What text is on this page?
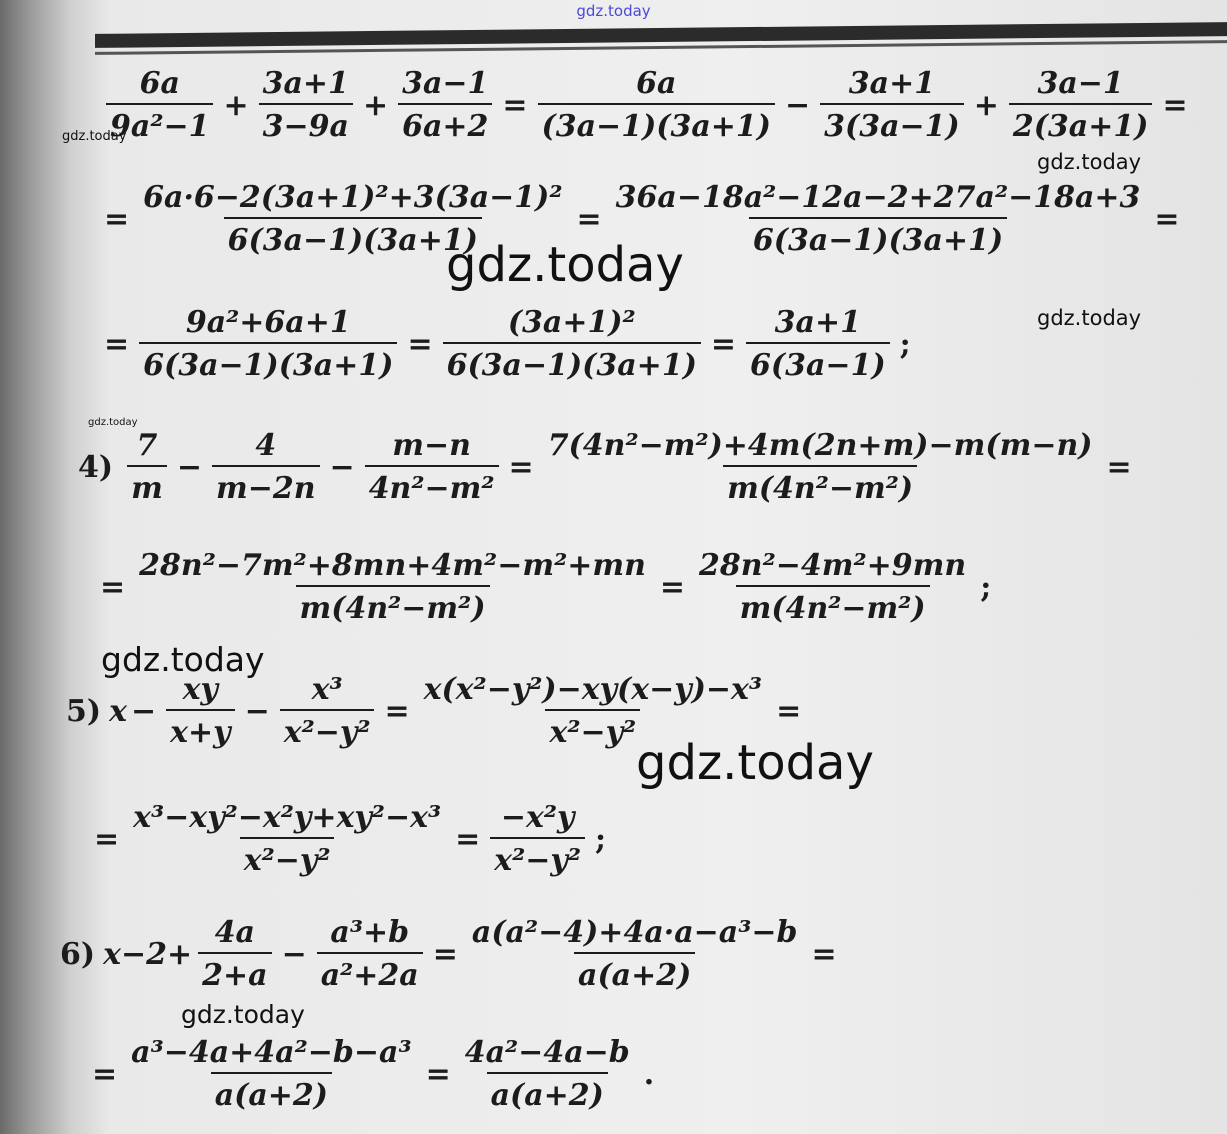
gdz.today
$\frac{6a}{\text{9a²−1}} + \frac{3a+1}{3-9a} + \frac{3a-1}{6a+2} = \frac{6a}{(3a-1)(3a+1)} - \frac{3a+1}{3(3a-1)} + \frac{3a-1}{2(3a+1)}$ =
= $\frac{\text{6a·6−2(3a+1)²+3(3a−1)²}}{6(3a-1)(3a+1)} = \frac{\text{36a−18a²−12a−2+27a²−18a+3}}{6(3a-1)(3a+1)}$ =
= $\frac{\text{9a²+6a+1}}{6(3a-1)(3a+1)} = \frac{\text{(3a+1)²}}{6(3a-1)(3a+1)} = \frac{3a+1}{6(3a-1)}$ ;
$4) \frac{7}{m} - \frac{4}{m-2n} - \frac{m-n}{\text{4n²−m²}} = \frac{\text{7(4n²−m²)+4m(2n+m)−m(m−n)}}{\text{m(4n²−m²)}}$ =
= $\frac{\text{28n²−7m²+8mn+4m²−m²+mn}}{\text{m(4n²−m²)}} = \frac{\text{28n²−4m²+9mn}}{\text{m(4n²−m²)}}$ ;
5) $x - \frac{xy}{x+y} - \frac{\text{x³}}{\text{x²−y²}} = \frac{\text{x(x²−y²)−xy(x−y)−x³}}{\text{x²−y²}}$ =
= $\frac{\text{x³−xy²−x²y+xy²−x³}}{\text{x²−y²}} = \frac{\text{−x²y}}{\text{x²−y²}}$ ;
6) $x-2+ \frac{4a}{2+a} - \frac{\text{a³+b}}{\text{a²+2a}} = \frac{\text{a(a²−4)+4a·a−a³−b}}{a(a+2)}$ =
= $\frac{\text{a³−4a+4a²−b−a³}}{a(a+2)} = \frac{\text{4a²−4a−b}}{a(a+2)}$ .
gdz.today
gdz.today
gdz.today
gdz.today
gdz.today
gdz.today
gdz.today
gdz.today
